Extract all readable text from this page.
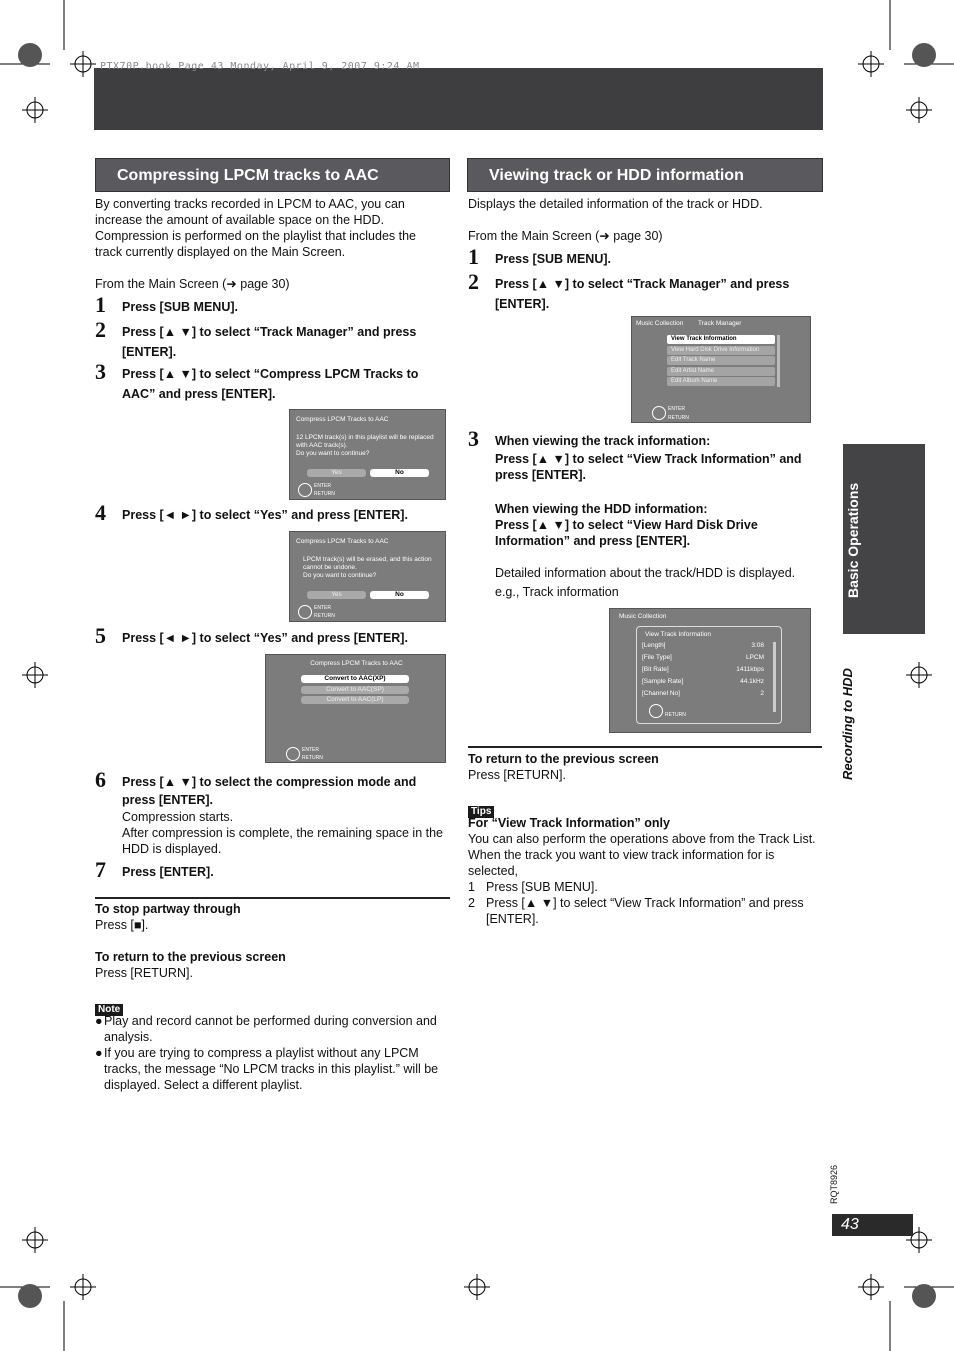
PTX70P.book Page 43 Monday, April 9, 2007 9:24 AM
Compressing LPCM tracks to AAC
By converting tracks recorded in LPCM to AAC, you can
increase the amount of available space on the HDD.
Compression is performed on the playlist that includes the
track currently displayed on the Main Screen.
From the Main Screen (➜ page 30)
1 Press [SUB MENU].
2 Press [▲ ▼] to select “Track Manager” and press
[ENTER].
3 Press [▲ ▼] to select “Compress LPCM Tracks to
AAC” and press [ENTER].
Compress LPCM Tracks to AAC
12 LPCM track(s) in this playlist will be replaced
with AAC track(s).
Do you want to continue?
Yes	No
ENTER
RETURN
4 Press [◄ ►] to select “Yes” and press [ENTER].
Compress LPCM Tracks to AAC
LPCM track(s) will be erased, and this action
cannot be undone.
Do you want to continue?
Yes	No
ENTER
RETURN
5 Press [◄ ►] to select “Yes” and press [ENTER].
Compress LPCM Tracks to AAC
Convert to AAC(XP)
Convert to AAC(SP)
Convert to AAC(LP)
ENTER
RETURN
6 Press [▲ ▼] to select the compression mode and
press [ENTER].
Compression starts.
After compression is complete, the remaining space in the
HDD is displayed.
7 Press [ENTER].
To stop partway through
Press [■].
To return to the previous screen
Press [RETURN].
Note
● Play and record cannot be performed during conversion and
analysis.
● If you are trying to compress a playlist without any LPCM
tracks, the message “No LPCM tracks in this playlist.” will be
displayed. Select a different playlist.
Viewing track or HDD information
Displays the detailed information of the track or HDD.
From the Main Screen (➜ page 30)
1 Press [SUB MENU].
2 Press [▲ ▼] to select “Track Manager” and press
[ENTER].
Music Collection Track Manager
View Track Information
View Hard Disk Drive Information
Edit Track Name
Edit Artist Name
Edit Album Name
ENTER
RETURN
3 When viewing the track information:
Press [▲ ▼] to select “View Track Information” and
press [ENTER].
When viewing the HDD information:
Press [▲ ▼] to select “View Hard Disk Drive
Information” and press [ENTER].
Detailed information about the track/HDD is displayed.
e.g., Track information
Music Collection
View Track Information
[Length]	3:08
[File Type]	LPCM
[Bit Rate]	1411kbps
[Sample Rate]	44.1kHz
[Channel No]	2
RETURN
To return to the previous screen
Press [RETURN].
Tips
For “View Track Information” only
You can also perform the operations above from the Track List.
When the track you want to view track information for is
selected,
1 Press [SUB MENU].
2 Press [▲ ▼] to select “View Track Information” and press
[ENTER].
Basic Operations
Recording to HDD
RQT8926
43
